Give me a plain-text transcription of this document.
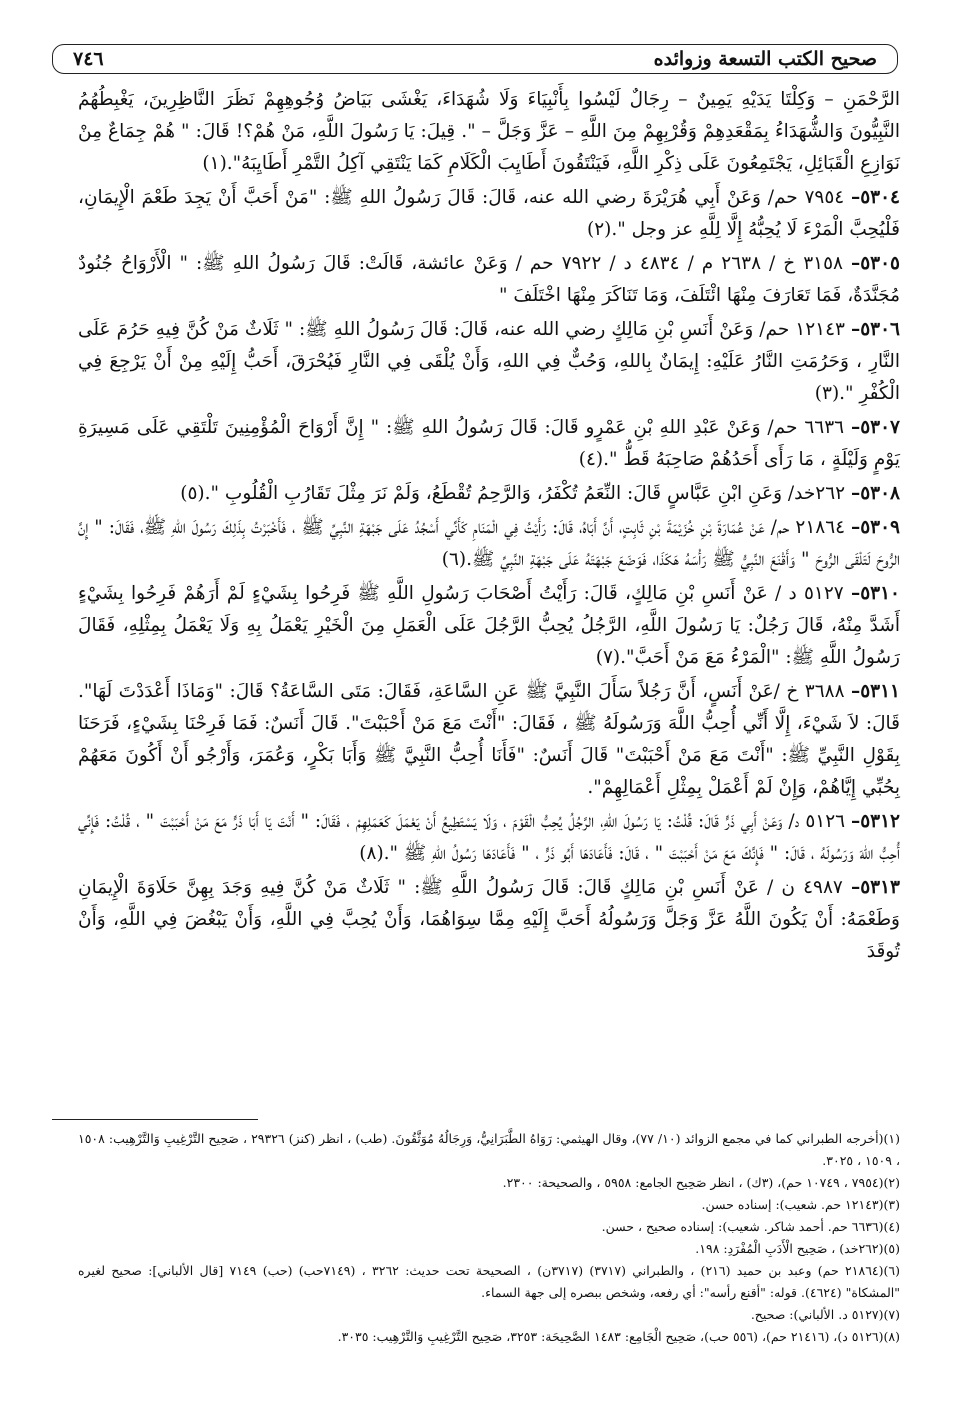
صحيح الكتب التسعة وزوائده
٧٤٦

الرَّحْمَنِ – وَكِلْتَا يَدَيْهِ يَمِينٌ – رِجَالٌ لَيْسُوا بِأَنْبِيَاءَ وَلَا شُهَدَاءَ، يَغْشَى بَيَاضُ وُجُوهِهِمْ نَظَرَ النَّاظِرِينَ، يَغْبِطُهُمُ النَّبِيُّونَ وَالشُّهَدَاءُ بِمَقْعَدِهِمْ وَقُرْبِهِمْ مِنَ اللَّهِ – عَزَّ وَجَلَّ – ". قِيلَ: يَا رَسُولَ اللَّهِ، مَنْ هُمْ؟! قَالَ: " هُمْ جِمَاعٌ مِنْ نَوَازِعِ الْقَبَائِلِ، يَجْتَمِعُونَ عَلَى ذِكْرِ اللَّهِ، فَيَنْتَقُونَ أَطَايِبَ الْكَلَامِ كَمَا يَنْتَقِي آكِلُ التَّمْرِ أَطَايِبَهُ".(١)

٥٣٠٤– ٧٩٥٤ حم/ وَعَنْ أَبِي هُرَيْرَةَ رضي الله عنه، قَالَ: قَالَ رَسُولُ اللهِ ﷺ: "مَنْ أَحَبَّ أَنْ يَجِدَ طَعْمَ الْإِيمَانِ، فَلْيُحِبَّ الْمَرْءَ لَا يُحِبُّهُ إِلَّا لِلَّهِ عز وجل ".(٢)

٥٣٠٥– ٣١٥٨ خ / ٢٦٣٨ م / ٤٨٣٤ د / ٧٩٢٢ حم / وَعَنْ عائشة، قَالَتْ: قَالَ رَسُولُ اللهِ ﷺ: " الْأَرْوَاحُ جُنُودٌ مُجَنَّدَةٌ، فَمَا تَعَارَفَ مِنْهَا ائْتَلَفَ، وَمَا تَنَاكَرَ مِنْهَا اخْتَلَفَ "

٥٣٠٦– ١٢١٤٣ حم/ وَعَنْ أَنَسِ بْنِ مَالِكٍ رضي الله عنه، قَالَ: قَالَ رَسُولُ اللهِ ﷺ: " ثَلَاثٌ مَنْ كُنَّ فِيهِ حَرُمَ عَلَى النَّارِ ، وَحَرُمَتِ النَّارُ عَلَيْهِ: إِيمَانٌ بِاللهِ، وَحُبٌّ فِي اللهِ، وَأَنْ يُلْقَى فِي النَّارِ فَيُحْرَقَ، أَحَبُّ إِلَيْهِ مِنْ أَنْ يَرْجِعَ فِي الْكُفْرِ ".(٣)

٥٣٠٧– ٦٦٣٦ حم/ وَعَنْ عَبْدِ اللهِ بْنِ عَمْرٍو قَالَ: قَالَ رَسُولُ اللهِ ﷺ: " إِنَّ أَرْوَاحَ الْمُؤْمِنِينَ تَلْتَقِي عَلَى مَسِيرَةِ يَوْمٍ وَلَيْلَةٍ ، مَا رَأَى أَحَدُهُمْ صَاحِبَهُ قَطُّ ".(٤)

٥٣٠٨– ٢٦٢خد/ وَعَنِ ابْنِ عَبَّاسٍ قَالَ: النِّعَمُ تُكْفَرُ، وَالرَّحِمُ تُقْطَعُ، وَلَمْ نَرَ مِثْلَ تَقَارُبِ الْقُلُوبِ ".(٥)

٥٣٠٩– ٢١٨٦٤ حم/ عَنْ عُمَارَةَ بْنِ خُزَيْمَةَ بْنِ ثَابِتٍ، أَنَّ أَبَاهُ، قَالَ: رَأَيْتُ فِي الْمَنَامِ كَأَنِّي أَسْجُدُ عَلَى جَبْهَةِ النَّبِيِّ ﷺ ، فَأَخْبَرْتُ بِذَلِكَ رَسُولَ اللهِ ﷺ، فَقَالَ: " إِنَّ الرُّوحَ لَتَلْقَى الرُّوحَ " وَأَقْنَعَ النَّبِيُّ ﷺ رَأْسَهُ هَكَذَا، فَوَضَعَ جَبْهَتَهُ عَلَى جَبْهَةِ النَّبِيِّ ﷺ.(٦)

٥٣١٠– ٥١٢٧ د / عَنْ أَنَسِ بْنِ مَالِكٍ، قَالَ: رَأَيْتُ أَصْحَابَ رَسُولِ اللَّهِ ﷺ فَرِحُوا بِشَيْءٍ لَمْ أَرَهُمْ فَرِحُوا بِشَيْءٍ أَشَدَّ مِنْهُ، قَالَ رَجُلٌ: يَا رَسُولَ اللَّهِ، الرَّجُلُ يُحِبُّ الرَّجُلَ عَلَى الْعَمَلِ مِنَ الْخَيْرِ يَعْمَلُ بِهِ وَلَا يَعْمَلُ بِمِثْلِهِ، فَقَالَ رَسُولُ اللَّهِ ﷺ: "الْمَرْءُ مَعَ مَنْ أَحَبَّ".(٧)

٥٣١١– ٣٦٨٨ خ /عَنْ أَنَسٍ، أَنَّ رَجُلاً سَأَلَ النَّبِيَّ ﷺ عَنِ السَّاعَةِ، فَقَالَ: مَتَى السَّاعَةُ؟ قَالَ: "وَمَاذَا أَعْدَدْتَ لَهَا". قَالَ: لاَ شَيْءَ، إِلَّا أَنِّي أُحِبُّ اللَّهَ وَرَسُولَهُ ﷺ ، فَقَالَ: "أَنْتَ مَعَ مَنْ أَحْبَبْتَ". قَالَ أَنَسٌ: فَمَا فَرِحْنَا بِشَيْءٍ، فَرَحَنَا بِقَوْلِ النَّبِيِّ ﷺ: "أَنْتَ مَعَ مَنْ أَحْبَبْتَ" قَالَ أَنَسٌ: "فَأَنَا أُحِبُّ النَّبِيَّ ﷺ وَأَبَا بَكْرٍ، وَعُمَرَ، وَأَرْجُو أَنْ أَكُونَ مَعَهُمْ بِحُبِّي إِيَّاهُمْ، وَإِنْ لَمْ أَعْمَلْ بِمِثْلِ أَعْمَالِهِمْ".

٥٣١٢– ٥١٢٦ د/ وَعَنْ أَبِي ذَرٍّ قَالَ: قُلْتُ: يَا رَسُولَ اللهِ، الرَّجُلُ يُحِبُّ الْقَوْمَ ، وَلَا يَسْتَطِيعُ أَنْ يَعْمَلَ كَعَمَلِهِمْ ، فَقَالَ: " أَنْتَ يَا أَبَا ذَرٍّ مَعَ مَنْ أَحْبَبْتَ " ، قُلْتُ: فَإِنِّي أُحِبُّ اللهَ وَرَسُولَهُ ، قَالَ: " فَإِنَّكَ مَعَ مَنْ أَحْبَبْتَ " ، قَالَ: فَأَعَادَهَا أَبُو ذَرٍّ ، " فَأَعَادَهَا رَسُولُ اللهِ ﷺ ".(٨)

٥٣١٣– ٤٩٨٧ ن / عَنْ أَنَسِ بْنِ مَالِكٍ قَالَ: قَالَ رَسُولُ اللَّهِ ﷺ: " ثَلَاثٌ مَنْ كُنَّ فِيهِ وَجَدَ بِهِنَّ حَلَاوَةَ الْإِيمَانِ وَطَعْمَهُ: أَنْ يَكُونَ اللَّهُ عَزَّ وَجَلَّ وَرَسُولُهُ أَحَبَّ إِلَيْهِ مِمَّا سِوَاهُمَا، وَأَنْ يُحِبَّ فِي اللَّهِ، وَأَنْ يَبْغُضَ فِي اللَّهِ، وَأَنْ تُوقَدَ

(١)(أخرجه الطبراني كما في مجمع الزوائد (١٠/ ٧٧)، وقال الهيثمي: رَوَاهُ الطَّبَرَانِيُّ، وَرِجَالُهُ مُوَثَّقُونَ. (طب) ، انظر (كنز) ٢٩٣٢٦ ، صَحِيح التَّرْغِيبِ وَالتَّرْهِيب: ١٥٠٨ ، ١٥٠٩ ، ٣٠٢٥.

(٢)(٧٩٥٤ ، ١٠٧٤٩ حم)، (٣ك) ، انظر صَحِيح الجامع: ٥٩٥٨ ، والصحيحة: ٢٣٠٠.

(٣)(١٢١٤٣ حم. شعيب): إسناده حسن.

(٤)(٦٦٣٦ حم. أحمد شاكر. شعيب): إسناده صحيح ، حسن.

(٥)(٢٦٢خد) ، صَحِيح الْأَدَبِ الْمُفْرَدِ: ١٩٨.

(٦)(٢١٨٦٤ حم) وعبد بن حميد (٢١٦) ، والطبراني (٣٧١٧) (٣٧١٧ن) ، الصحيحة تحت حديث: ٣٢٦٢ ، (٧١٤٩حب) (حب) ٧١٤٩ [قال الألباني]: صحيح لغيره "المشكاة" (٤٦٢٤). قوله: "أقنع رأسه": أي رفعه، وشخص ببصره إلى جهة السماء.

(٧)(٥١٢٧ د. الألباني): صحيح.

(٨)(٥١٢٦ د)، (٢١٤١٦ حم)، (٥٥٦ حب)، صَحِيح الْجَامِع: ١٤٨٣ الصَّحِيحَة: ٣٢٥٣، صَحِيح التَّرْغِيبِ وَالتَّرْهِيب: ٣٠٣٥.
